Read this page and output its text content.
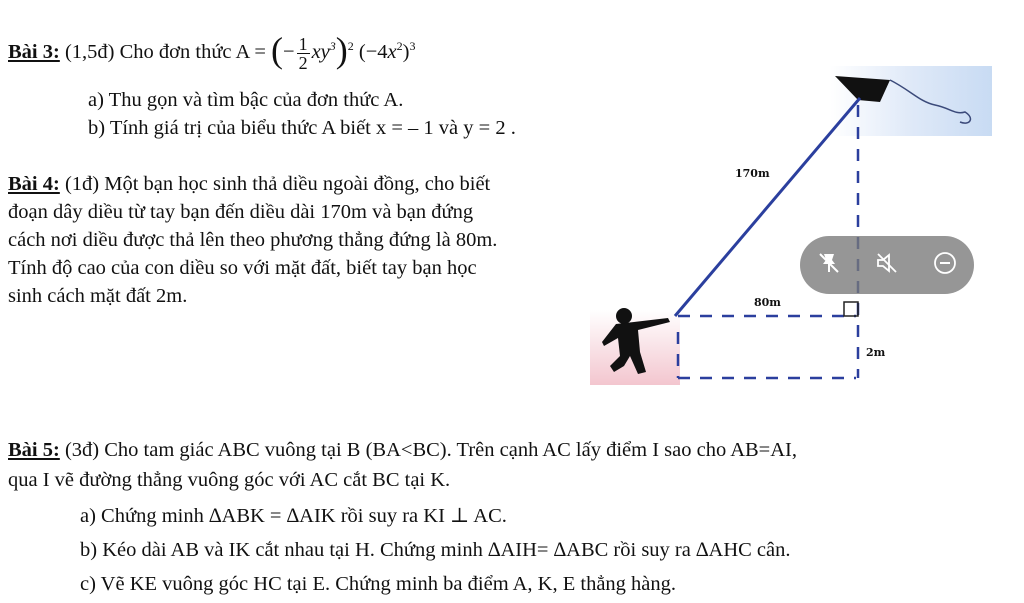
Bài 3: (1,5đ) Cho đơn thức A = (− $\frac{1}{2} xy^3)^2$ $(-4x^2)^3$
a) Thu gọn và tìm bậc của đơn thức A.
b) Tính giá trị của biểu thức A biết x = – 1 và y = 2 .
Bài 4: (1đ) Một bạn học sinh thả diều ngoài đồng, cho biết
đoạn dây diều từ tay bạn đến diều dài 170m và bạn đứng
cách nơi diều được thả lên theo phương thẳng đứng là 80m.
Tính độ cao của con diều so với mặt đất, biết tay bạn học
sinh cách mặt đất 2m.
170m
80m
2m
Bài 5: (3đ) Cho tam giác ABC vuông tại B (BA<BC). Trên cạnh AC lấy điểm I sao cho AB=AI,
qua I vẽ đường thẳng vuông góc với AC cắt BC tại K.
a) Chứng minh ∆ABK = ∆AIK rồi suy ra KI ⊥ AC.
b) Kéo dài AB và IK cắt nhau tại H. Chứng minh ∆AIH= ∆ABC rồi suy ra ∆AHC cân.
c) Vẽ KE vuông góc HC tại E. Chứng minh ba điểm A, K, E thẳng hàng.
